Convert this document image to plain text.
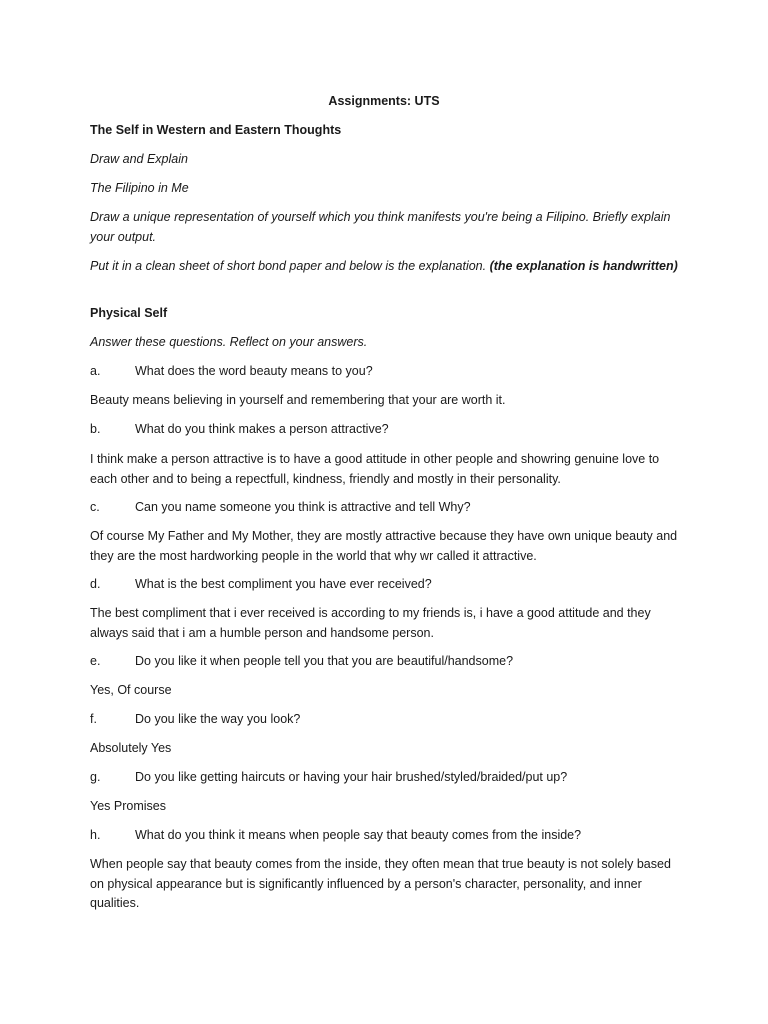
Assignments: UTS

The Self in Western and Eastern Thoughts

Draw and Explain

The Filipino in Me

Draw a unique representation of yourself which you think manifests you're being a Filipino. Briefly explain your output.

Put it in a clean sheet of short bond paper and below is the explanation. (the explanation is handwritten)

Physical Self

Answer these questions. Reflect on your answers.

a.	What does the word beauty means to you?

Beauty means believing in yourself and remembering that your are worth it.

b.	What do you think makes a person attractive?

I think make a person attractive is to have a good attitude in other people and showring genuine love to each other and to being a repectfull, kindness, friendly and mostly in their personality.

c.	Can you name someone you think is attractive and tell Why?

Of course My Father and My Mother, they are mostly attractive because they have own unique beauty and they are the most hardworking people in the world that why wr called it attractive.

d.	What is the best compliment you have ever received?

The best compliment that i ever received is according to my friends is, i have a good attitude and they always said that i am a humble person and handsome person.

e.	Do you like it when people tell you that you are beautiful/handsome?

Yes, Of course

f.	Do you like the way you look?

Absolutely Yes

g.	Do you like getting haircuts or having your hair brushed/styled/braided/put up?

Yes Promises

h.	What do you think it means when people say that beauty comes from the inside?

When people say that beauty comes from the inside, they often mean that true beauty is not solely based on physical appearance but is significantly influenced by a person's character, personality, and inner qualities.
